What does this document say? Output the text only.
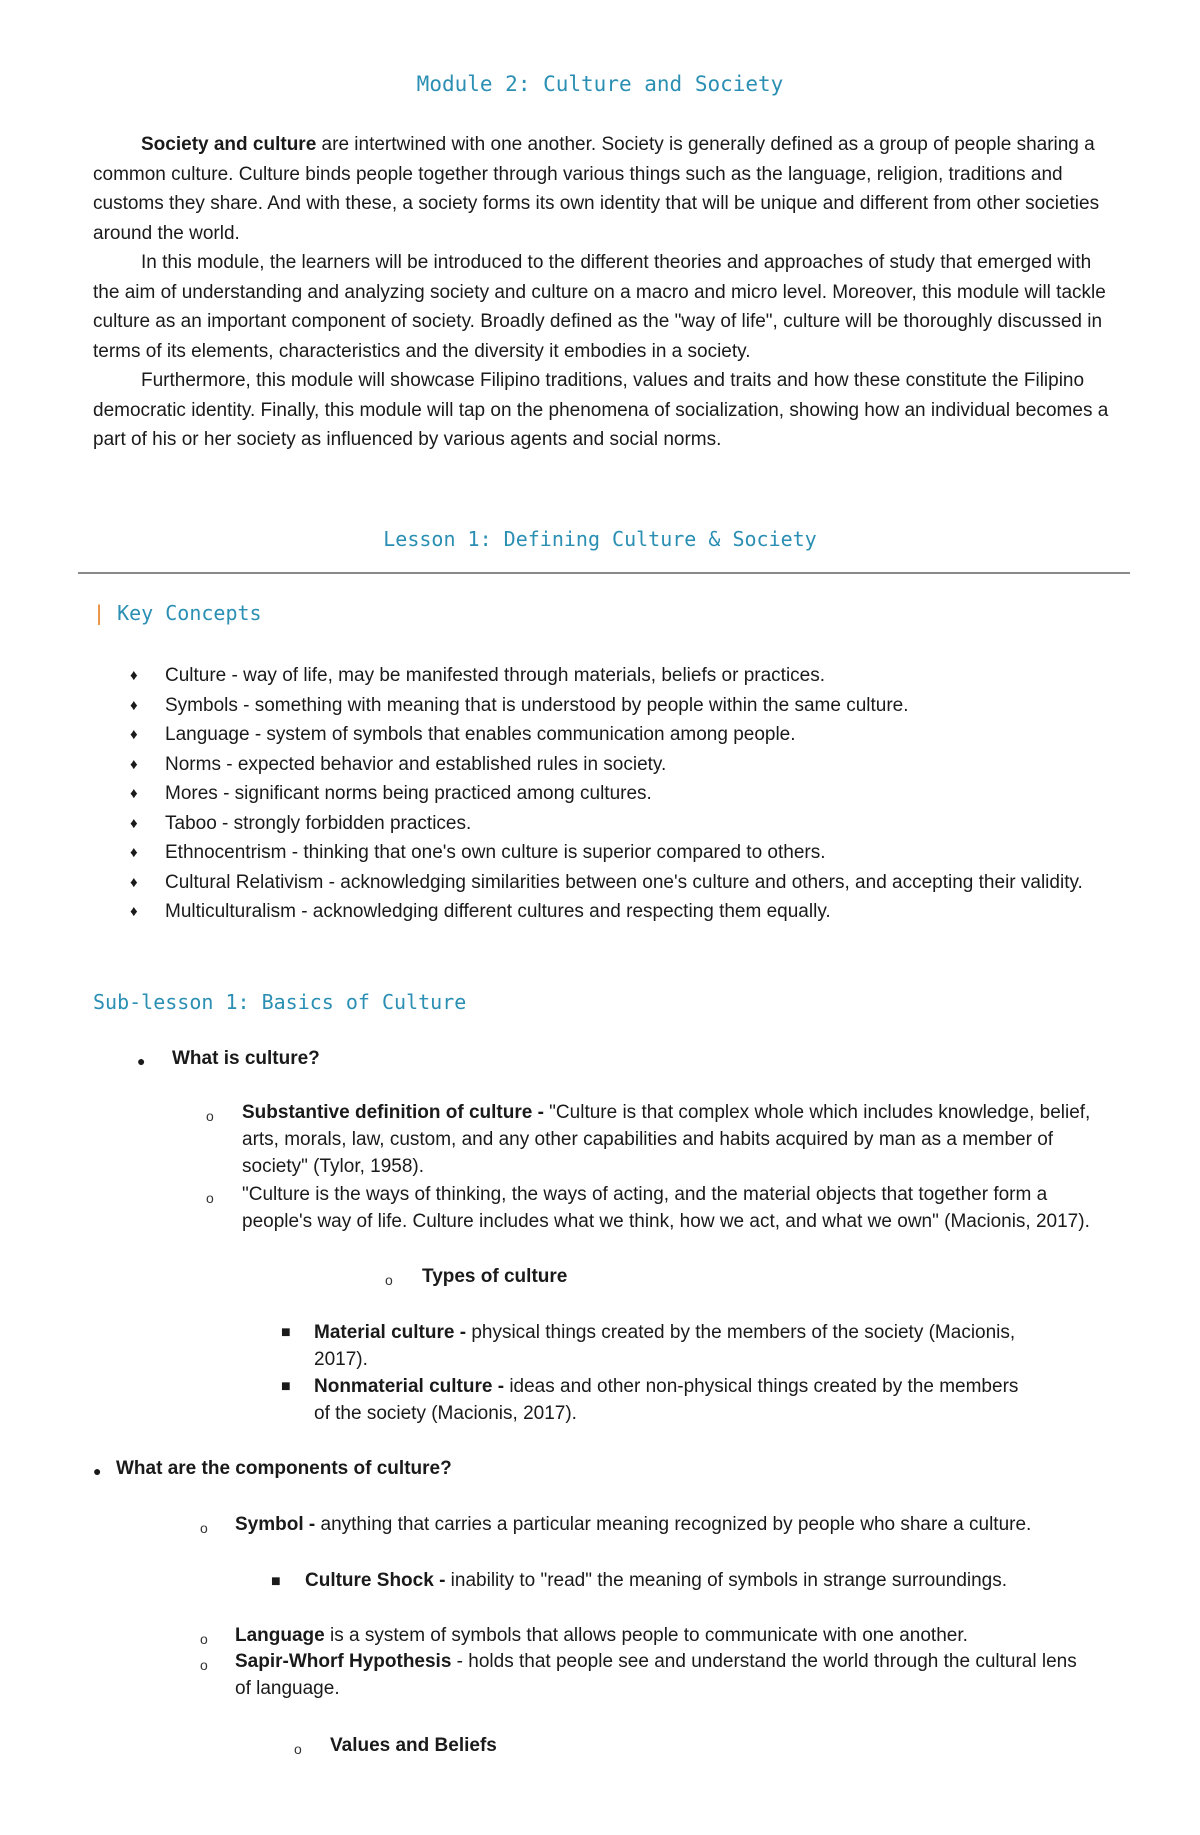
Module 2: Culture and Society

Society and culture are intertwined with one another. Society is generally defined as a group of people sharing a common culture. Culture binds people together through various things such as the language, religion, traditions and customs they share. And with these, a society forms its own identity that will be unique and different from other societies around the world.

In this module, the learners will be introduced to the different theories and approaches of study that emerged with the aim of understanding and analyzing society and culture on a macro and micro level. Moreover, this module will tackle culture as an important component of society. Broadly defined as the "way of life", culture will be thoroughly discussed in terms of its elements, characteristics and the diversity it embodies in a society.

Furthermore, this module will showcase Filipino traditions, values and traits and how these constitute the Filipino democratic identity. Finally, this module will tap on the phenomena of socialization, showing how an individual becomes a part of his or her society as influenced by various agents and social norms.

Lesson 1: Defining Culture & Society
| Key Concepts
♦ Culture - way of life, may be manifested through materials, beliefs or practices.
♦ Symbols - something with meaning that is understood by people within the same culture.
♦ Language - system of symbols that enables communication among people.
♦ Norms - expected behavior and established rules in society.
♦ Mores - significant norms being practiced among cultures.
♦ Taboo - strongly forbidden practices.
♦ Ethnocentrism - thinking that one's own culture is superior compared to others.
♦ Cultural Relativism - acknowledging similarities between one's culture and others, and accepting their validity.
♦ Multiculturalism - acknowledging different cultures and respecting them equally.
Sub-lesson 1: Basics of Culture
● What is culture?
o Substantive definition of culture - "Culture is that complex whole which includes knowledge, belief, arts, morals, law, custom, and any other capabilities and habits acquired by man as a member of society" (Tylor, 1958).
o "Culture is the ways of thinking, the ways of acting, and the material objects that together form a people's way of life. Culture includes what we think, how we act, and what we own" (Macionis, 2017).
o Types of culture
■ Material culture - physical things created by the members of the society (Macionis, 2017).
■ Nonmaterial culture - ideas and other non-physical things created by the members of the society (Macionis, 2017).
● What are the components of culture?
o Symbol - anything that carries a particular meaning recognized by people who share a culture.
■ Culture Shock - inability to "read" the meaning of symbols in strange surroundings.
o Language is a system of symbols that allows people to communicate with one another.
o Sapir-Whorf Hypothesis - holds that people see and understand the world through the cultural lens of language.
o Values and Beliefs
